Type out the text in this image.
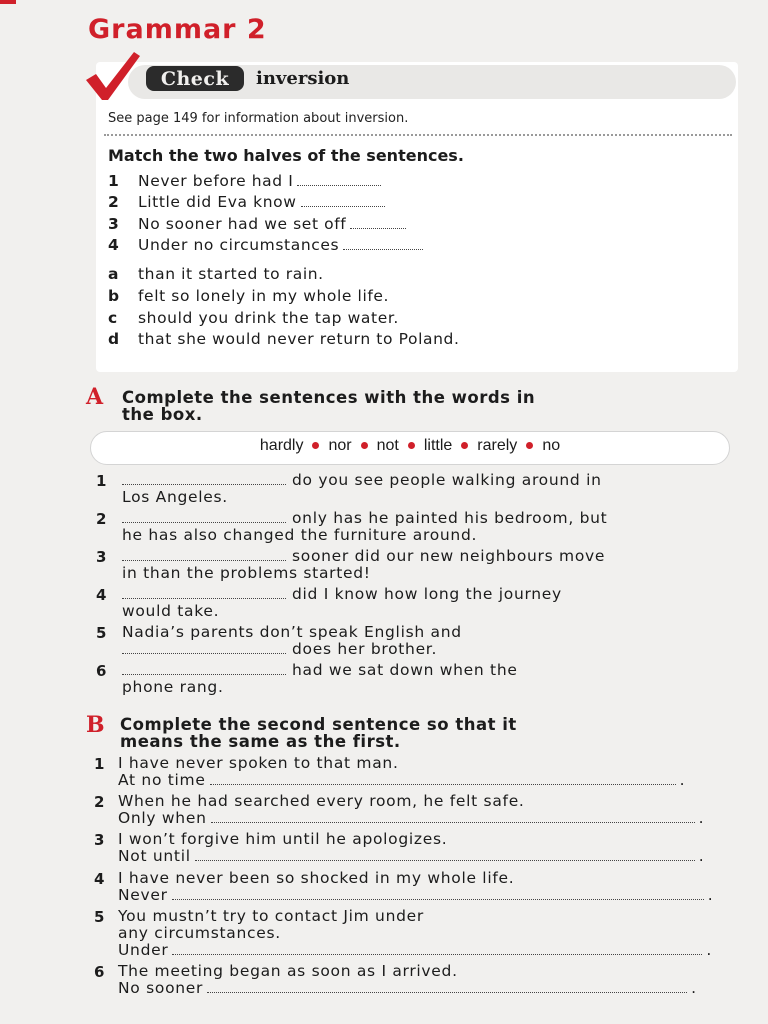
Grammar 2
Check	inversion
See page 149 for information about inversion.
Match the two halves of the sentences.
1 Never before had I
2 Little did Eva know
3 No sooner had we set off
4 Under no circumstances
a than it started to rain.
b felt so lonely in my whole life.
c should you drink the tap water.
d that she would never return to Poland.
A Complete the sentences with the words in
the box.
hardly nor not little rarely no
1	do you see people walking around in
Los Angeles.
2	only has he painted his bedroom, but
he has also changed the furniture around.
3	sooner did our new neighbours move
in than the problems started!
4	did I know how long the journey
would take.
5 Nadia’s parents don’t speak English and
does her brother.
6	had we sat down when the
phone rang.
B Complete the second sentence so that it
means the same as the first.
1 I have never spoken to that man.
At no time	.
2 When he had searched every room, he felt safe.
Only when	.
3 I won’t forgive him until he apologizes.
Not until	.
4 I have never been so shocked in my whole life.
Never	.
5 You mustn’t try to contact Jim under
any circumstances.
Under	.
6 The meeting began as soon as I arrived.
No sooner	.
